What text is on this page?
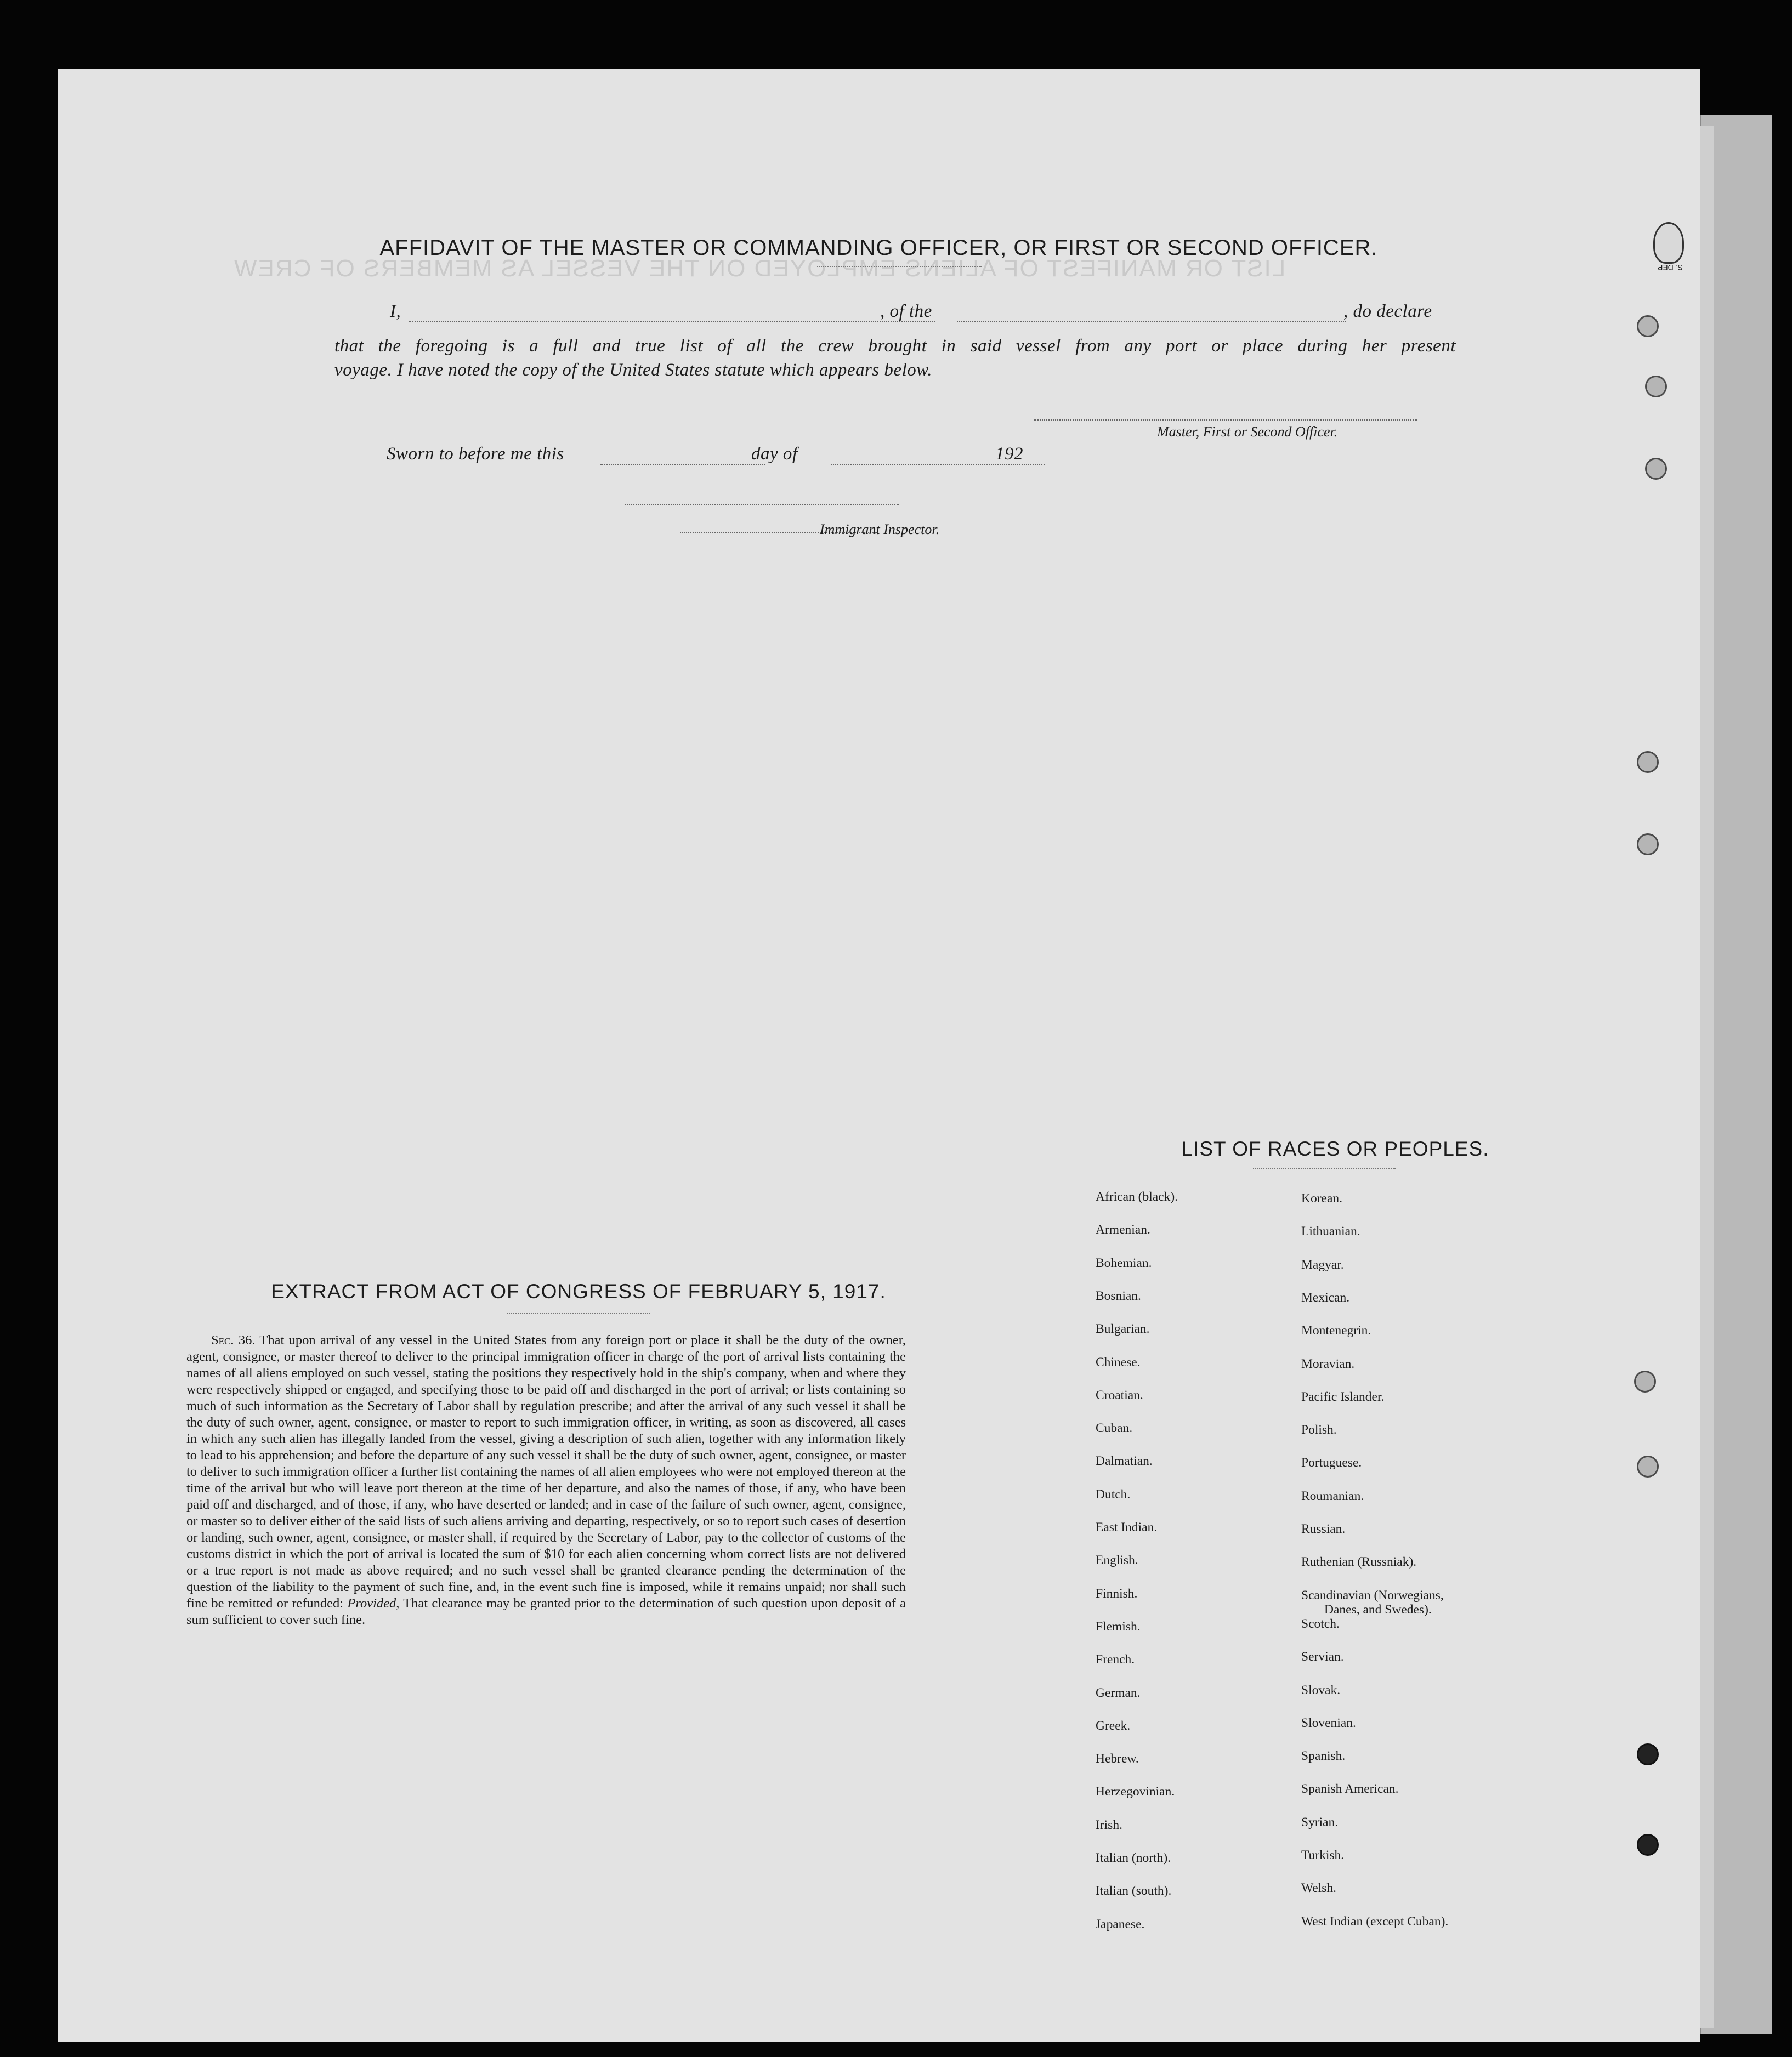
LIST OR MANIFEST OF ALIENS EMPLOYED ON THE VESSEL AS MEMBERS OF CREW
AFFIDAVIT OF THE MASTER OR COMMANDING OFFICER, OR FIRST OR SECOND OFFICER.
I,	, of the	, do declare
that the foregoing is a full and true list of all the crew brought in said vessel from any port or place during her present
voyage. I have noted the copy of the United States statute which appears below.
Master, First or Second Officer.
Sworn to before me this	day of	192
Immigrant Inspector.
EXTRACT FROM ACT OF CONGRESS OF FEBRUARY 5, 1917.
Sec. 36. That upon arrival of any vessel in the United States from any foreign port or place it shall be the duty of the owner, agent, consignee, or master thereof to deliver to the principal immigration officer in charge of the port of arrival lists containing the names of all aliens employed on such vessel, stating the positions they respectively hold in the ship's company, when and where they were respectively shipped or engaged, and specifying those to be paid off and discharged in the port of arrival; or lists containing so much of such information as the Secretary of Labor shall by regulation prescribe; and after the arrival of any such vessel it shall be the duty of such owner, agent, consignee, or master to report to such immigration officer, in writing, as soon as discovered, all cases in which any such alien has illegally landed from the vessel, giving a description of such alien, together with any information likely to lead to his apprehension; and before the departure of any such vessel it shall be the duty of such owner, agent, consignee, or master to deliver to such immigration officer a further list containing the names of all alien employees who were not employed thereon at the time of the arrival but who will leave port thereon at the time of her departure, and also the names of those, if any, who have been paid off and discharged, and of those, if any, who have deserted or landed; and in case of the failure of such owner, agent, consignee, or master so to deliver either of the said lists of such aliens arriving and departing, respectively, or so to report such cases of desertion or landing, such owner, agent, consignee, or master shall, if required by the Secretary of Labor, pay to the collector of customs of the customs district in which the port of arrival is located the sum of $10 for each alien concerning whom correct lists are not delivered or a true report is not made as above required; and no such vessel shall be granted clearance pending the determination of the question of the liability to the payment of such fine, and, in the event such fine is imposed, while it remains unpaid; nor shall such fine be remitted or refunded: Provided, That clearance may be granted prior to the determination of such question upon deposit of a sum sufficient to cover such fine.
LIST OF RACES OR PEOPLES.
African (black).
Armenian.
Bohemian.
Bosnian.
Bulgarian.
Chinese.
Croatian.
Cuban.
Dalmatian.
Dutch.
East Indian.
English.
Finnish.
Flemish.
French.
German.
Greek.
Hebrew.
Herzegovinian.
Irish.
Italian (north).
Italian (south).
Japanese.
Korean.
Lithuanian.
Magyar.
Mexican.
Montenegrin.
Moravian.
Pacific Islander.
Polish.
Portuguese.
Roumanian.
Russian.
Ruthenian (Russniak).
Scandinavian (Norwegians,
Danes, and Swedes).
Scotch.
Servian.
Slovak.
Slovenian.
Spanish.
Spanish American.
Syrian.
Turkish.
Welsh.
West Indian (except Cuban).
S. DEP
